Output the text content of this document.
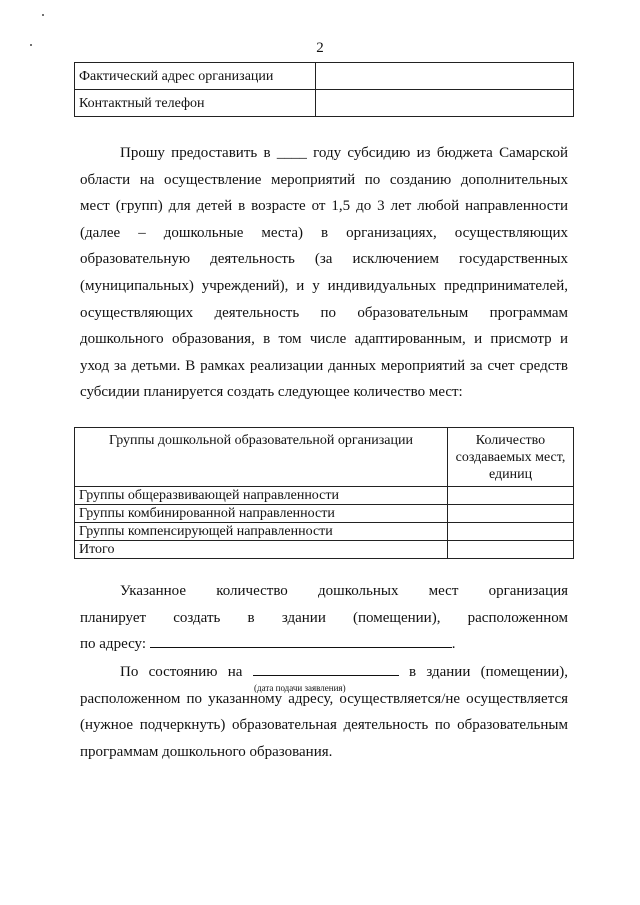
2
Фактический адрес организации	
Контактный телефон	
Прошу предоставить в ____ году субсидию из бюджета Самарской
области на осуществление мероприятий по созданию дополнительных
мест (групп) для детей в возрасте от 1,5 до 3 лет любой направленности
(далее – дошкольные места) в организациях, осуществляющих
образовательную деятельность (за исключением государственных
(муниципальных) учреждений), и у индивидуальных предпринимателей,
осуществляющих деятельность по образовательным программам
дошкольного образования, в том числе адаптированным, и присмотр и
уход за детьми. В рамках реализации данных мероприятий за счет средств
субсидии планируется создать следующее количество мест:
Группы дошкольной образовательной организации	Количество создаваемых мест, единиц
Группы общеразвивающей направленности	
Группы комбинированной направленности	
Группы компенсирующей направленности	
Итого	
Указанное количество дошкольных мест организация
планирует создать в здании (помещении), расположенном
по адресу:	.
По состоянию на	в здании (помещении),
расположенном по указанному адресу, осуществляется/не осуществляется
(нужное подчеркнуть) образовательная деятельность по образовательным
программам дошкольного образования.
(дата подачи заявления)
